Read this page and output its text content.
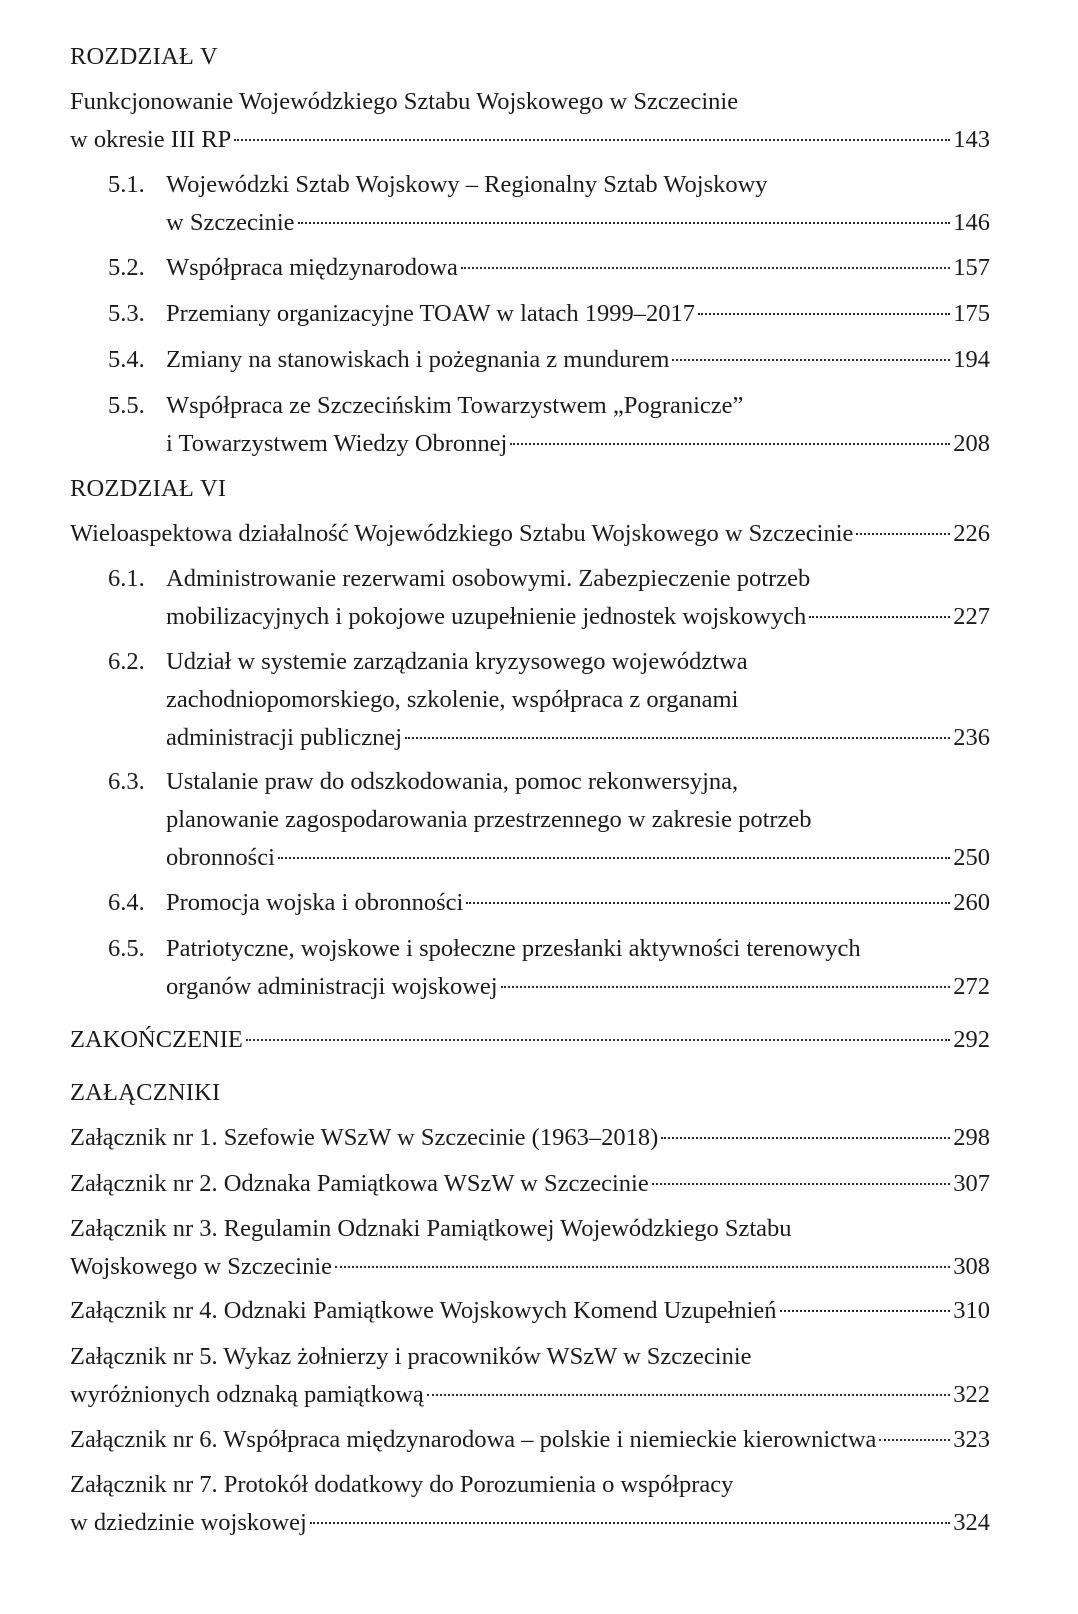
ROZDZIAŁ V
Funkcjonowanie Wojewódzkiego Sztabu Wojskowego w Szczecinie
w okresie III RP	143
5.1. Wojewódzki Sztab Wojskowy – Regionalny Sztab Wojskowy
w Szczecinie	146
5.2. Współpraca międzynarodowa	157
5.3. Przemiany organizacyjne TOAW w latach 1999–2017	175
5.4. Zmiany na stanowiskach i pożegnania z mundurem	194
5.5. Współpraca ze Szczecińskim Towarzystwem „Pogranicze”
i Towarzystwem Wiedzy Obronnej	208
ROZDZIAŁ VI
Wieloaspektowa działalność Wojewódzkiego Sztabu Wojskowego w Szczecinie	226
6.1. Administrowanie rezerwami osobowymi. Zabezpieczenie potrzeb
mobilizacyjnych i pokojowe uzupełnienie jednostek wojskowych	227
6.2. Udział w systemie zarządzania kryzysowego województwa
zachodniopomorskiego, szkolenie, współpraca z organami
administracji publicznej	236
6.3. Ustalanie praw do odszkodowania, pomoc rekonwersyjna,
planowanie zagospodarowania przestrzennego w zakresie potrzeb
obronności	250
6.4. Promocja wojska i obronności	260
6.5. Patriotyczne, wojskowe i społeczne przesłanki aktywności terenowych
organów administracji wojskowej	272
ZAKOŃCZENIE	292
ZAŁĄCZNIKI
Załącznik nr 1. Szefowie WSzW w Szczecinie (1963–2018)	298
Załącznik nr 2. Odznaka Pamiątkowa WSzW w Szczecinie	307
Załącznik nr 3. Regulamin Odznaki Pamiątkowej Wojewódzkiego Sztabu
Wojskowego w Szczecinie	308
Załącznik nr 4. Odznaki Pamiątkowe Wojskowych Komend Uzupełnień	310
Załącznik nr 5. Wykaz żołnierzy i pracowników WSzW w Szczecinie
wyróżnionych odznaką pamiątkową	322
Załącznik nr 6. Współpraca międzynarodowa – polskie i niemieckie kierownictwa	323
Załącznik nr 7. Protokół dodatkowy do Porozumienia o współpracy
w dziedzinie wojskowej	324
